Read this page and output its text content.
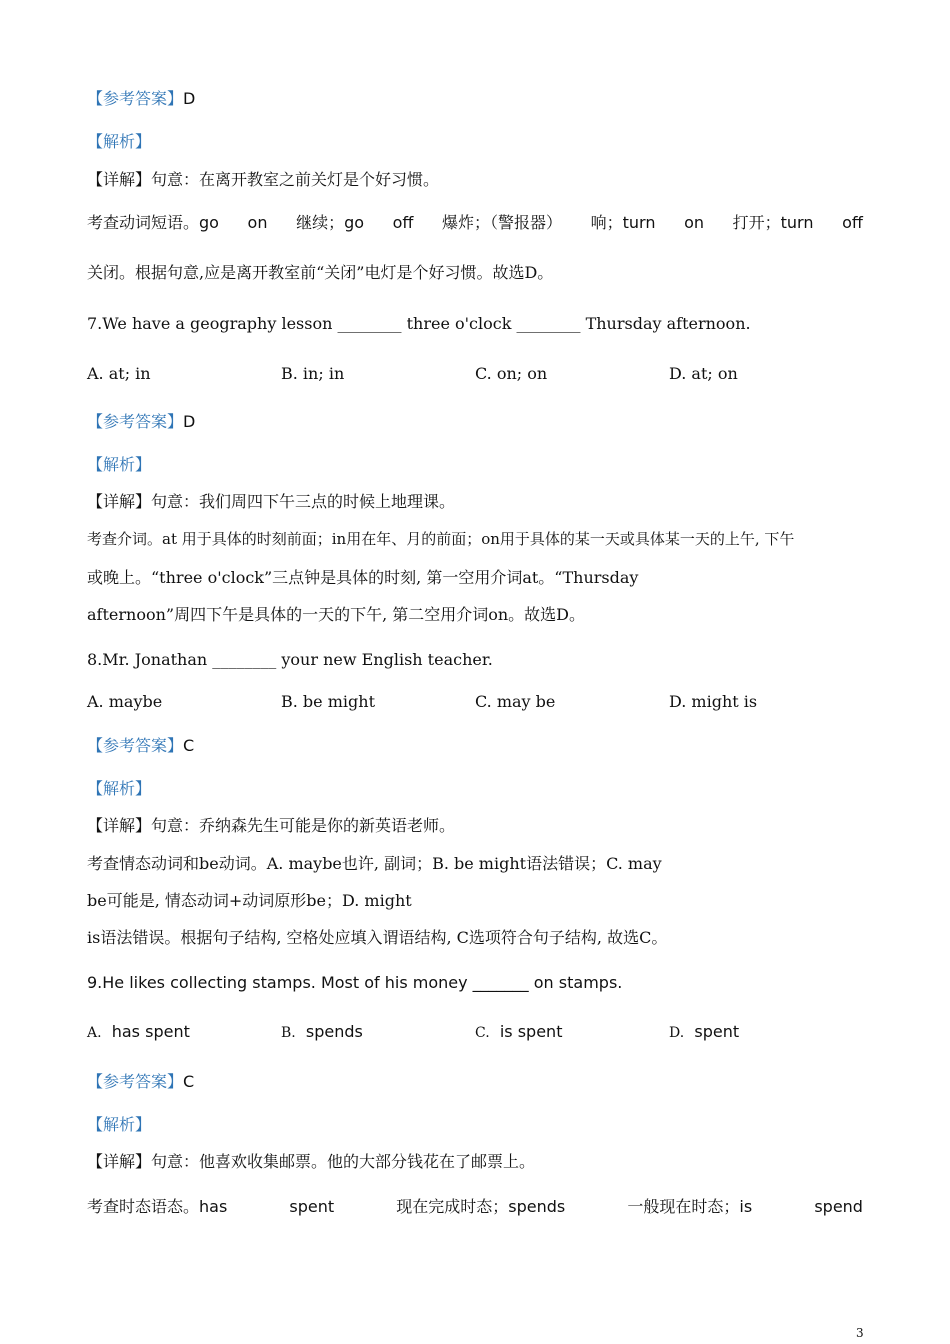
【参考答案】D
【解析】
【详解】句意：在离开教室之前关灯是个好习惯。
考查动词短语。go on 继续；go off 爆炸；（警报器） 响；turn on 打开；turn off
关闭。根据句意,应是离开教室前“关闭”电灯是个好习惯。故选D。
7.We have a geography lesson ________ three o'clock ________ Thursday afternoon.
A. at; in	B. in; in	C. on; on	D. at; on
【参考答案】D
【解析】
【详解】句意：我们周四下午三点的时候上地理课。
考查介词。at 用于具体的时刻前面；in用在年、月的前面；on用于具体的某一天或具体某一天的上午, 下午
或晚上。“three o'clock”三点钟是具体的时刻, 第一空用介词at。“Thursday
afternoon”周四下午是具体的一天的下午, 第二空用介词on。故选D。
8.Mr. Jonathan ________ your new English teacher.
A. maybe	B. be might	C. may be	D. might is
【参考答案】C
【解析】
【详解】句意：乔纳森先生可能是你的新英语老师。
考查情态动词和be动词。A. maybe也许, 副词；B. be might语法错误；C. may
be可能是, 情态动词+动词原形be；D. might
is语法错误。根据句子结构, 空格处应填入谓语结构, C选项符合句子结构, 故选C。
9.He likes collecting stamps. Most of his money _______ on stamps.
A. has spent	B. spends	C. is spent	D. spent
【参考答案】C
【解析】
【详解】句意：他喜欢收集邮票。他的大部分钱花在了邮票上。
考查时态语态。has	spent	现在完成时态；spends	一般现在时态；is	spend
3
